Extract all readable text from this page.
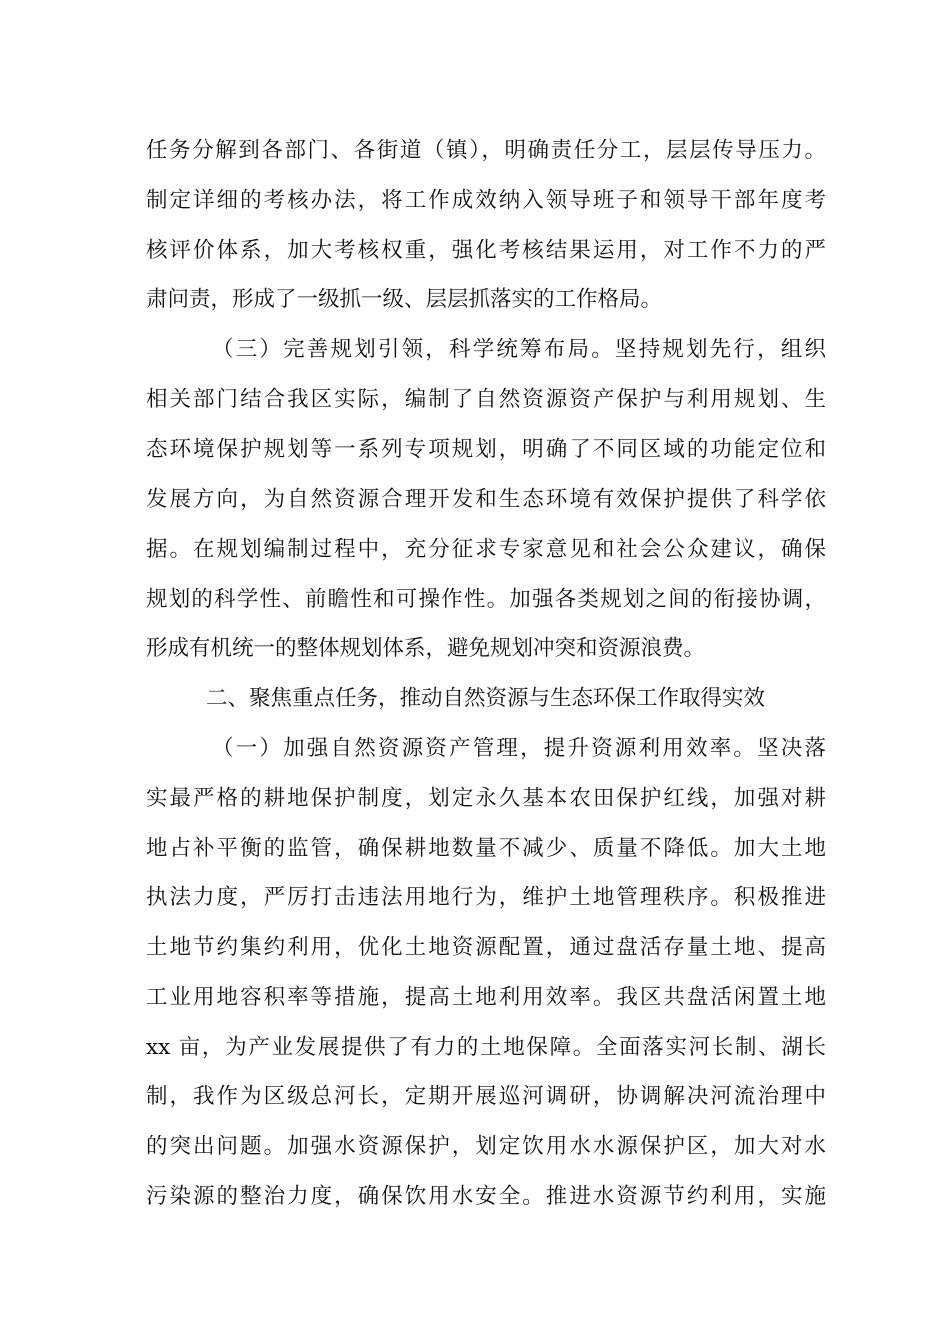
任务分解到各部门、各街道（镇），明确责任分工，层层传导压力。
制定详细的考核办法，将工作成效纳入领导班子和领导干部年度考
核评价体系，加大考核权重，强化考核结果运用，对工作不力的严
肃问责，形成了一级抓一级、层层抓落实的工作格局。
（三）完善规划引领，科学统筹布局。坚持规划先行，组织
相关部门结合我区实际，编制了自然资源资产保护与利用规划、生
态环境保护规划等一系列专项规划，明确了不同区域的功能定位和
发展方向，为自然资源合理开发和生态环境有效保护提供了科学依
据。在规划编制过程中，充分征求专家意见和社会公众建议，确保
规划的科学性、前瞻性和可操作性。加强各类规划之间的衔接协调，
形成有机统一的整体规划体系，避免规划冲突和资源浪费。
二、聚焦重点任务，推动自然资源与生态环保工作取得实效
（一）加强自然资源资产管理，提升资源利用效率。坚决落
实最严格的耕地保护制度，划定永久基本农田保护红线，加强对耕
地占补平衡的监管，确保耕地数量不减少、质量不降低。加大土地
执法力度，严厉打击违法用地行为，维护土地管理秩序。积极推进
土地节约集约利用，优化土地资源配置，通过盘活存量土地、提高
工业用地容积率等措施，提高土地利用效率。我区共盘活闲置土地
xx 亩，为产业发展提供了有力的土地保障。全面落实河长制、湖长
制，我作为区级总河长，定期开展巡河调研，协调解决河流治理中
的突出问题。加强水资源保护，划定饮用水水源保护区，加大对水
污染源的整治力度，确保饮用水安全。推进水资源节约利用，实施
